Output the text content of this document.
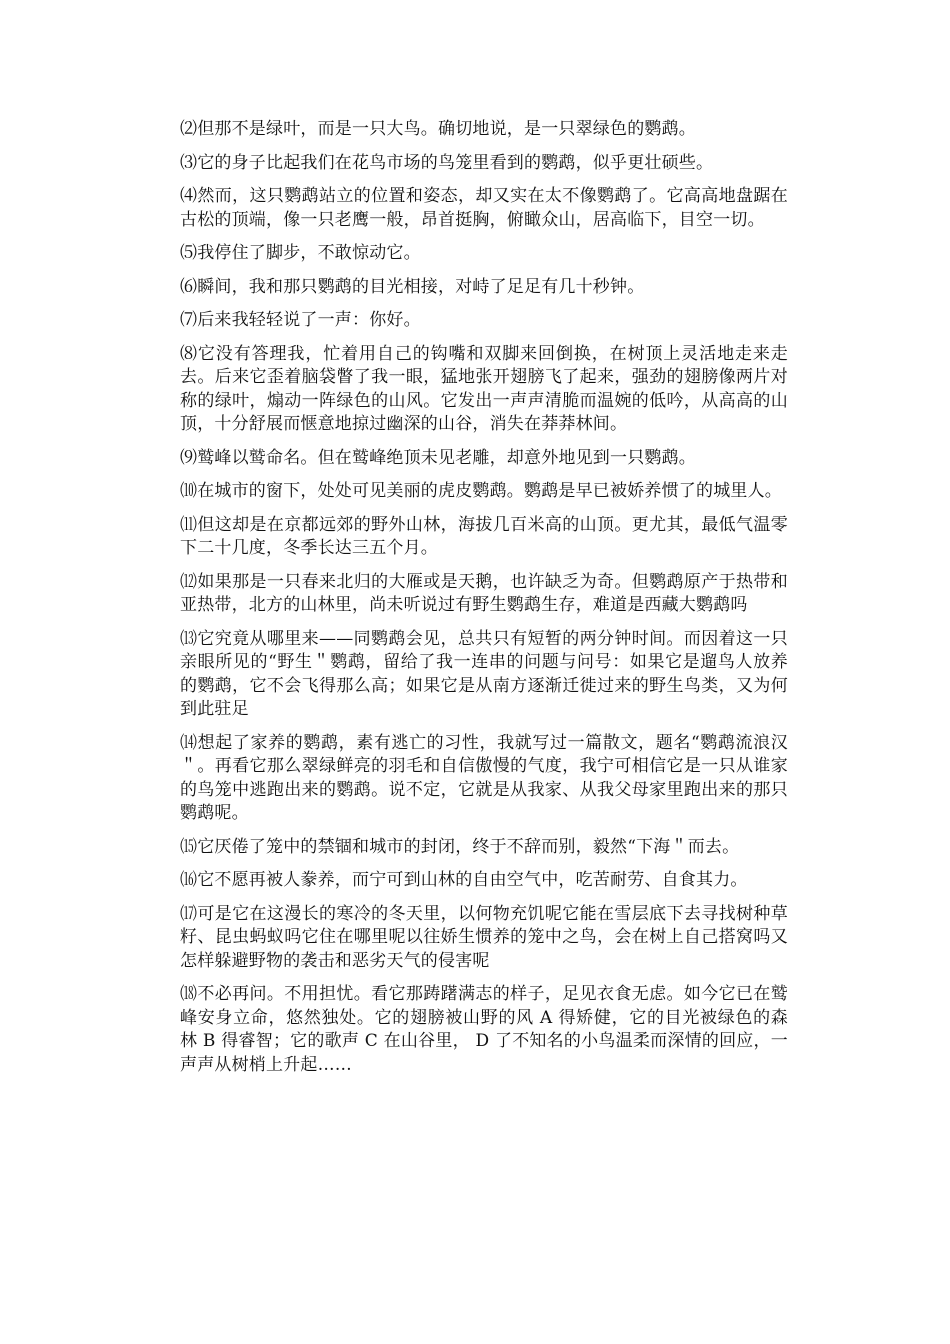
⑵但那不是绿叶，而是一只大鸟。确切地说，是一只翠绿色的鹦鹉。

⑶它的身子比起我们在花鸟市场的鸟笼里看到的鹦鹉，似乎更壮硕些。

⑷然而，这只鹦鹉站立的位置和姿态，却又实在太不像鹦鹉了。它高高地盘踞在古松的顶端，像一只老鹰一般，昂首挺胸，俯瞰众山，居高临下，目空一切。

⑸我停住了脚步，不敢惊动它。

⑹瞬间，我和那只鹦鹉的目光相接，对峙了足足有几十秒钟。

⑺后来我轻轻说了一声：你好。

⑻它没有答理我，忙着用自己的钩嘴和双脚来回倒换，在树顶上灵活地走来走去。后来它歪着脑袋瞥了我一眼，猛地张开翅膀飞了起来，强劲的翅膀像两片对称的绿叶，煽动一阵绿色的山风。它发出一声声清脆而温婉的低吟，从高高的山顶，十分舒展而惬意地掠过幽深的山谷，消失在莽莽林间。

⑼鹫峰以鹫命名。但在鹫峰绝顶未见老雕，却意外地见到一只鹦鹉。

⑽在城市的窗下，处处可见美丽的虎皮鹦鹉。鹦鹉是早已被娇养惯了的城里人。

⑾但这却是在京都远郊的野外山林，海拔几百米高的山顶。更尤其，最低气温零下二十几度，冬季长达三五个月。

⑿如果那是一只春来北归的大雁或是天鹅，也许缺乏为奇。但鹦鹉原产于热带和亚热带，北方的山林里，尚未听说过有野生鹦鹉生存，难道是西藏大鹦鹉吗

⒀它究竟从哪里来——同鹦鹉会见，总共只有短暂的两分钟时间。而因着这一只亲眼所见的“野生＂鹦鹉，留给了我一连串的问题与问号：如果它是遛鸟人放养的鹦鹉，它不会飞得那么高；如果它是从南方逐渐迁徙过来的野生鸟类，又为何到此驻足

⒁想起了家养的鹦鹉，素有逃亡的习性，我就写过一篇散文，题名“鹦鹉流浪汉＂。再看它那么翠绿鲜亮的羽毛和自信傲慢的气度，我宁可相信它是一只从谁家的鸟笼中逃跑出来的鹦鹉。说不定，它就是从我家、从我父母家里跑出来的那只鹦鹉呢。

⒂它厌倦了笼中的禁锢和城市的封闭，终于不辞而别，毅然“下海＂而去。

⒃它不愿再被人豢养，而宁可到山林的自由空气中，吃苦耐劳、自食其力。

⒄可是它在这漫长的寒冷的冬天里，以何物充饥呢它能在雪层底下去寻找树种草籽、昆虫蚂蚁吗它住在哪里呢以往娇生惯养的笼中之鸟，会在树上自己搭窝吗又怎样躲避野物的袭击和恶劣天气的侵害呢

⒅不必再问。不用担忧。看它那踌躇满志的样子，足见衣食无虑。如今它已在鹫峰安身立命，悠然独处。它的翅膀被山野的风 A 得矫健，它的目光被绿色的森林 B 得睿智；它的歌声 C 在山谷里， D 了不知名的小鸟温柔而深情的回应，一声声从树梢上升起……
